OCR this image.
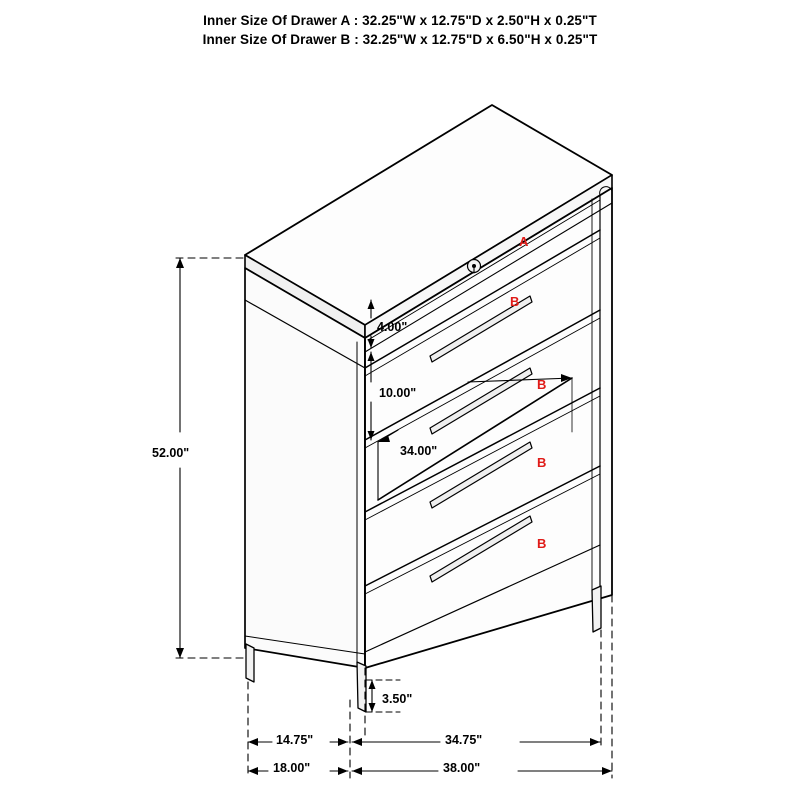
Inner Size Of Drawer A : 32.25"W x 12.75"D x 2.50"H x 0.25"T
Inner Size Of Drawer B : 32.25"W x 12.75"D x 6.50"H x 0.25"T
A
B
B
B
B
52.00"
4.00"
10.00"
34.00"
3.50"
14.75"	34.75"
18.00"	38.00"
